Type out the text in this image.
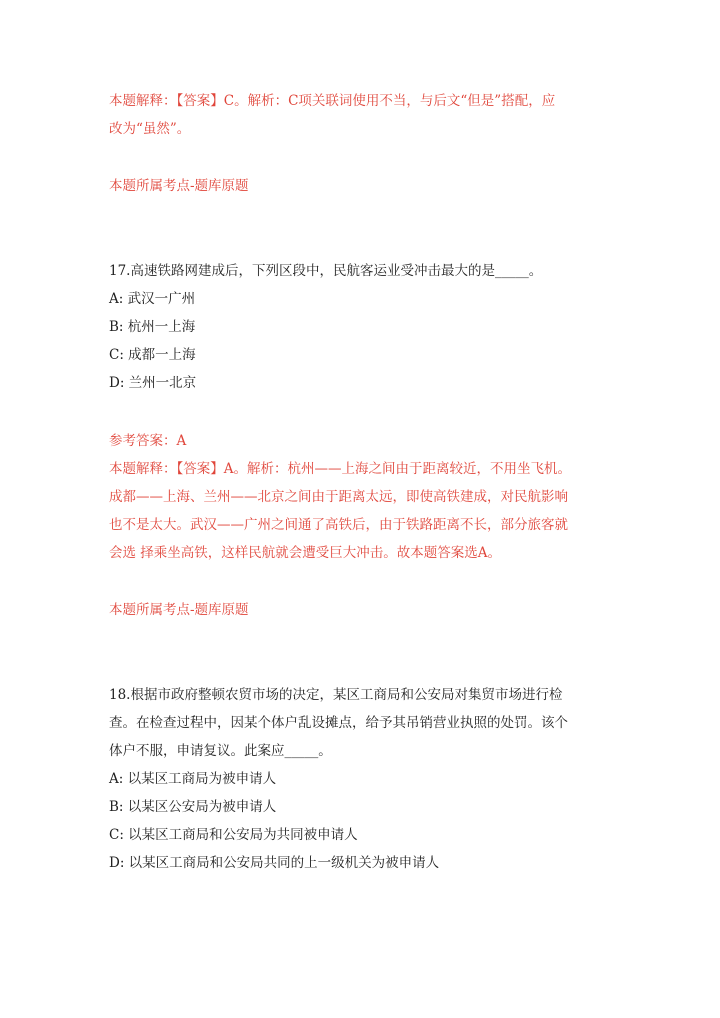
本题解释：【答案】C。解析：C项关联词使用不当，与后文“但是”搭配，应
改为“虽然”。
本题所属考点-题库原题
17.高速铁路网建成后，下列区段中，民航客运业受冲击最大的是_____。
A: 武汉一广州
B: 杭州一上海
C: 成都一上海
D: 兰州一北京
参考答案：A
本题解释：【答案】A。解析：杭州——上海之间由于距离较近，不用坐飞机。
成都——上海、兰州——北京之间由于距离太远，即使高铁建成，对民航影响
也不是太大。武汉——广州之间通了高铁后，由于铁路距离不长，部分旅客就
会选 择乘坐高铁，这样民航就会遭受巨大冲击。故本题答案选A。
本题所属考点-题库原题
18.根据市政府整顿农贸市场的决定，某区工商局和公安局对集贸市场进行检
查。在检查过程中，因某个体户乱设摊点，给予其吊销营业执照的处罚。该个
体户不服，申请复议。此案应_____。
A: 以某区工商局为被申请人
B: 以某区公安局为被申请人
C: 以某区工商局和公安局为共同被申请人
D: 以某区工商局和公安局共同的上一级机关为被申请人
